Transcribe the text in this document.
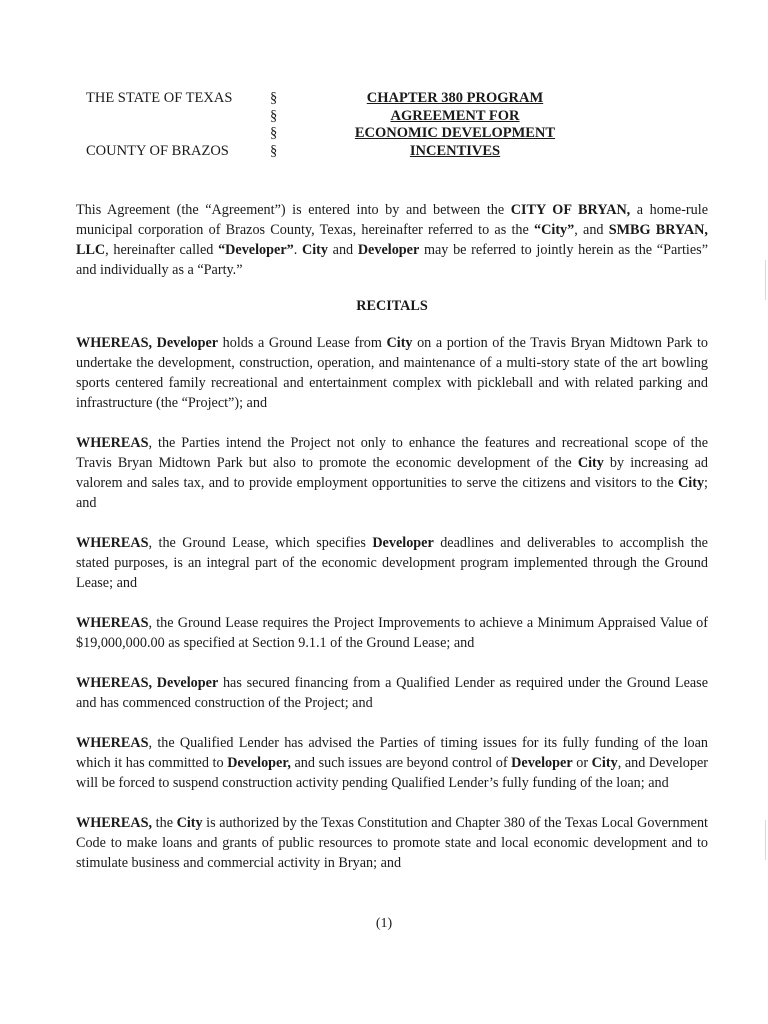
THE STATE OF TEXAS
COUNTY OF BRAZOS
§
§
§
§
CHAPTER 380 PROGRAM
AGREEMENT FOR
ECONOMIC DEVELOPMENT
INCENTIVES

This Agreement (the “Agreement”) is entered into by and between the CITY OF BRYAN, a home-rule municipal corporation of Brazos County, Texas, hereinafter referred to as the “City”, and SMBG BRYAN, LLC, hereinafter called “Developer”. City and Developer may be referred to jointly herein as the “Parties” and individually as a “Party.”

RECITALS

WHEREAS, Developer holds a Ground Lease from City on a portion of the Travis Bryan Midtown Park to undertake the development, construction, operation, and maintenance of a multi-story state of the art bowling sports centered family recreational and entertainment complex with pickleball and with related parking and infrastructure (the “Project”); and

WHEREAS, the Parties intend the Project not only to enhance the features and recreational scope of the Travis Bryan Midtown Park but also to promote the economic development of the City by increasing ad valorem and sales tax, and to provide employment opportunities to serve the citizens and visitors to the City; and

WHEREAS, the Ground Lease, which specifies Developer deadlines and deliverables to accomplish the stated purposes, is an integral part of the economic development program implemented through the Ground Lease; and

WHEREAS, the Ground Lease requires the Project Improvements to achieve a Minimum Appraised Value of $19,000,000.00 as specified at Section 9.1.1 of the Ground Lease; and

WHEREAS, Developer has secured financing from a Qualified Lender as required under the Ground Lease and has commenced construction of the Project; and

WHEREAS, the Qualified Lender has advised the Parties of timing issues for its fully funding of the loan which it has committed to Developer, and such issues are beyond control of Developer or City, and Developer will be forced to suspend construction activity pending Qualified Lender’s fully funding of the loan; and

WHEREAS, the City is authorized by the Texas Constitution and Chapter 380 of the Texas Local Government Code to make loans and grants of public resources to promote state and local economic development and to stimulate business and commercial activity in Bryan; and

(1)
